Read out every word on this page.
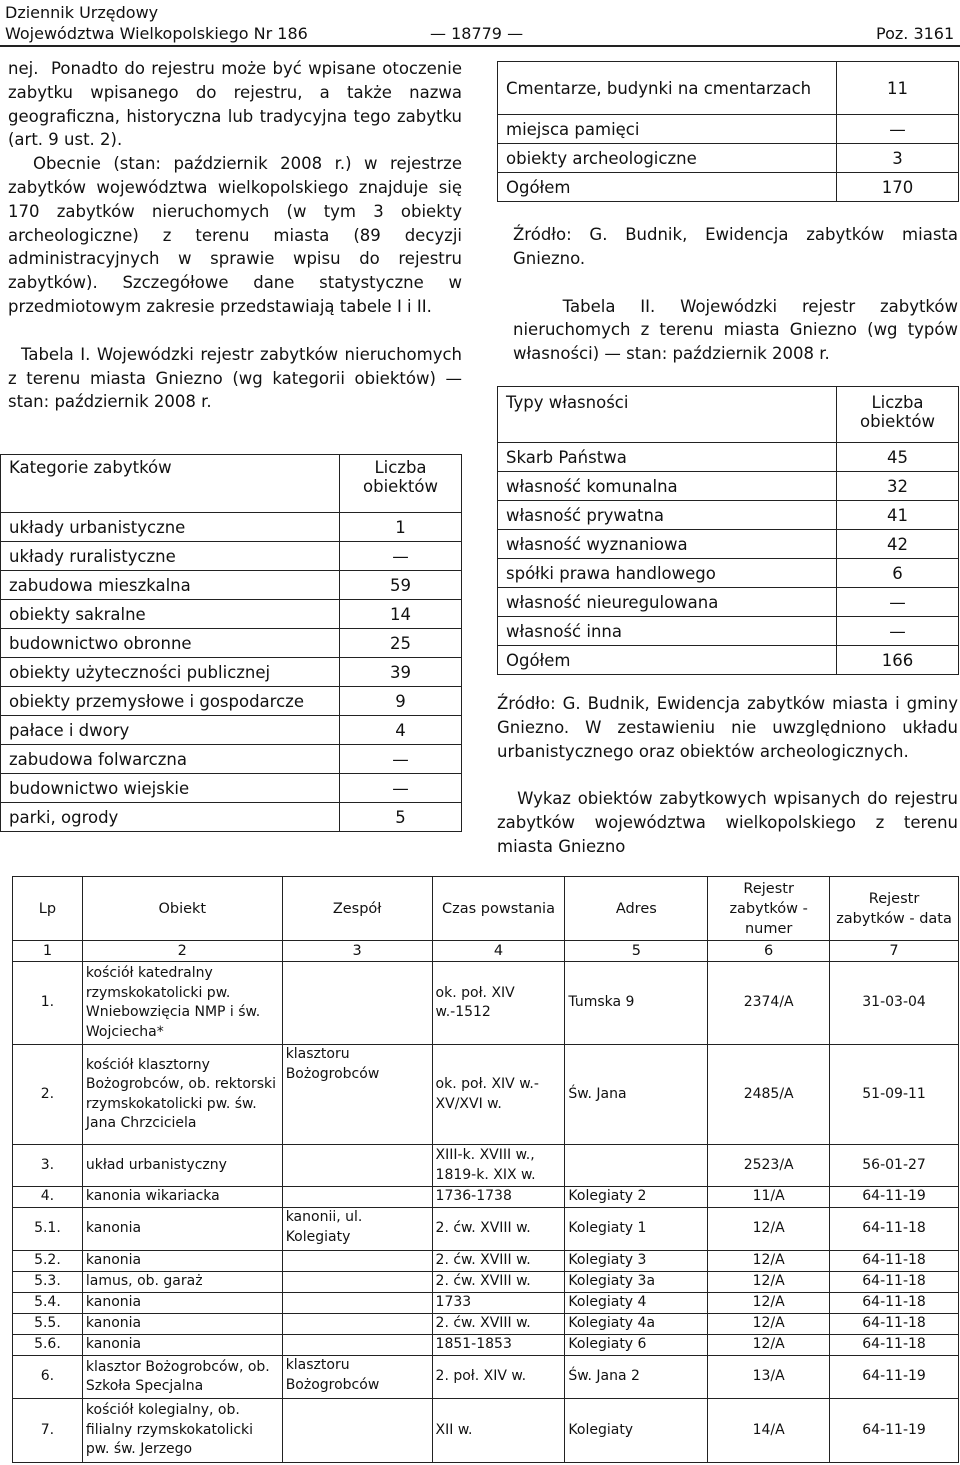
Dziennik Urzędowy
Województwa Wielkopolskiego Nr 186	— 18779 —	Poz. 3161

nej.  Ponadto do rejestru może być wpisane otoczenie zabytku wpisanego do rejestru, a także nazwa geograficzna, historyczna lub tradycyjna tego zabytku (art. 9 ust. 2).

Obecnie (stan: październik 2008 r.) w rejestrze zabytków województwa wielkopolskiego znajduje się 170 zabytków nieruchomych (w tym 3 obiekty archeologiczne) z terenu miasta (89 decyzji administracyjnych w sprawie wpisu do rejestru zabytków). Szczegółowe dane statystyczne w przedmiotowym zakresie przedstawiają tabele I i II.

Tabela I. Wojewódzki rejestr zabytków nieruchomych z terenu miasta Gniezno (wg kategorii obiektów) — stan: październik 2008 r.

Kategorie zabytków	Liczba obiektów
układy urbanistyczne	1
układy ruralistyczne	—
zabudowa mieszkalna	59
obiekty sakralne	14
budownictwo obronne	25
obiekty użyteczności publicznej	39
obiekty przemysłowe i gospodarcze	9
pałace i dwory	4
zabudowa folwarczna	—
budownictwo wiejskie	—
parki, ogrody	5
Cmentarze, budynki na cmentarzach	11
miejsca pamięci	—
obiekty archeologiczne	3
Ogółem	170

Źródło: G. Budnik, Ewidencja zabytków miasta Gniezno.

Tabela II. Wojewódzki rejestr zabytków nieruchomych z terenu miasta Gniezno (wg typów własności) — stan: październik 2008 r.

Typy własności	Liczba obiektów
Skarb Państwa	45
własność komunalna	32
własność prywatna	41
własność wyznaniowa	42
spółki prawa handlowego	6
własność nieuregulowana	—
własność inna	—
Ogółem	166

Źródło: G. Budnik, Ewidencja zabytków miasta i gminy Gniezno. W zestawieniu nie uwzględniono układu urbanistycznego oraz obiektów archeologicznych.

Wykaz obiektów zabytkowych wpisanych do rejestru zabytków województwa wielkopolskiego z terenu miasta Gniezno

Lp	Obiekt	Zespół	Czas powstania	Adres	Rejestr zabytków - numer	Rejestr zabytków - data
1	2	3	4	5	6	7
1.	kościół katedralny rzymskokatolicki pw. Wniebowzięcia NMP i św. Wojciecha*		ok. poł. XIV w.-1512	Tumska 9	2374/A	31-03-04
2.	kościół klasztorny Bożogrobców, ob. rektorski rzymskokatolicki pw. św. Jana Chrzciciela	klasztoru Bożogrobców	ok. poł. XIV w.-XV/XVI w.	Św. Jana	2485/A	51-09-11
3.	układ urbanistyczny		XIII-k. XVIII w., 1819-k. XIX w.		2523/A	56-01-27
4.	kanonia wikariacka		1736-1738	Kolegiaty 2	11/A	64-11-19
5.1.	kanonia	kanonii, ul. Kolegiaty	2. ćw. XVIII w.	Kolegiaty 1	12/A	64-11-18
5.2.	kanonia		2. ćw. XVIII w.	Kolegiaty 3	12/A	64-11-18
5.3.	lamus, ob. garaż		2. ćw. XVIII w.	Kolegiaty 3a	12/A	64-11-18
5.4.	kanonia		1733	Kolegiaty 4	12/A	64-11-18
5.5.	kanonia		2. ćw. XVIII w.	Kolegiaty 4a	12/A	64-11-18
5.6.	kanonia		1851-1853	Kolegiaty 6	12/A	64-11-18
6.	klasztor Bożogrobców, ob. Szkoła Specjalna	klasztoru Bożogrobców	2. poł. XIV w.	Św. Jana 2	13/A	64-11-19
7.	kościół kolegialny, ob. filialny rzymskokatolicki pw. św. Jerzego		XII w.	Kolegiaty	14/A	64-11-19
